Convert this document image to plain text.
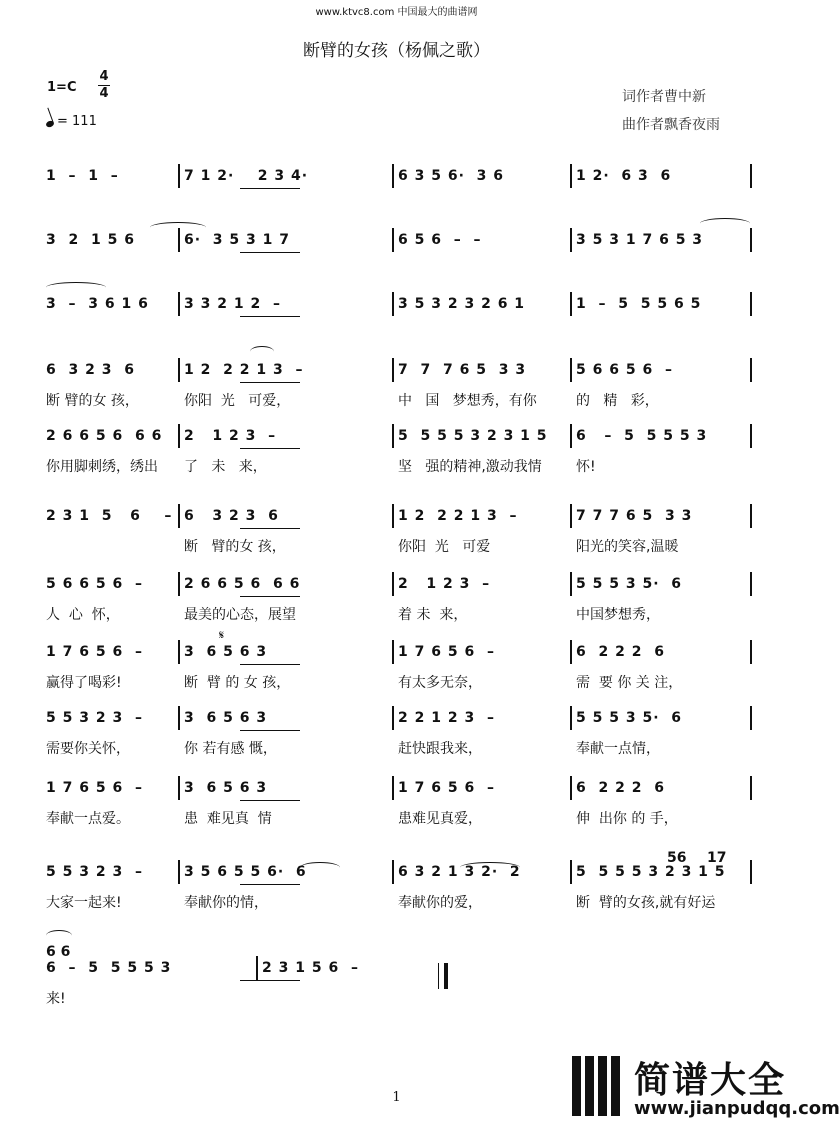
www.ktvc8.com 中国最大的曲谱网
断臂的女孩（杨佩之歌）
1=C
4
4
= 111
词作者曹中新
曲作者飘香夜雨
1  –  1  –	7 1 2·    2 3 4·	6 3 5 6·  3 6	1 2·  6 3  6
3  2  1 5 6	6·  3 5 3 1 7	6 5 6  –  –	3 5 3 1 7 6 5 3
3  –  3 6 1 6	3 3 2 1 2  –	3 5 3 2 3 2 6 1	1  –  5  5 5 6 5
6  3 2 3  6	1 2  2 2 1 3  –	7  7  7 6 5  3 3	5 6 6 5 6  –
断 臂的女 孩，	你阳  光   可爱，	中   国   梦想秀，有你	的   精   彩，
2 6 6 5 6  6 6 2   1 2 3  –	5  5 5 5 3 2 3 1 5 6   –  5  5 5 5 3
你用脚刺绣，绣出 了   未   来，	坚   强的精神,激动我情 怀!
2 3 1  5   6    – 6   3 2 3  6	1 2  2 2 1 3  –	7 7 7 6 5  3 3
断   臂的女 孩，	你阳  光   可爱	阳光的笑容,温暖
5 6 6 5 6  –	2 6 6 5 6  6 6	2   1 2 3  –	5 5 5 3 5·  6
人  心  怀，	最美的心态，展望	着 未  来，	中国梦想秀，
1 7 6 5 6  –	3  6 5 6 3	1 7 6 5 6  –	6  2 2 2  6
赢得了喝彩!	断  臂 的 女 孩，	有太多无奈，	需  要 你 关 注，
5 5 3 2 3  –	3  6 5 6 3	2 2 1 2 3  –	5 5 5 3 5·  6
需要你关怀，	你 若有感 慨，	赶快跟我来，	奉献一点情，
1 7 6 5 6  –	3  6 5 6 3	1 7 6 5 6  –	6  2 2 2  6
奉献一点爱。	患  难见真  情	患难见真爱，	伸  出你 的 手，
5 5 3 2 3  –	3 5 6 5 5 6·  6	6 3 2 1 3 2·  2	5  5 5 5 3 2 3 1 5
大家一起来!	奉献你的情，	奉献你的爱，	断  臂的女孩,就有好运
6  –  5  5 5 5 3	2 3 1 5 6  –
来!
𝄋
56 17
6 6
1	简谱大全
www.jianpudqq.com
